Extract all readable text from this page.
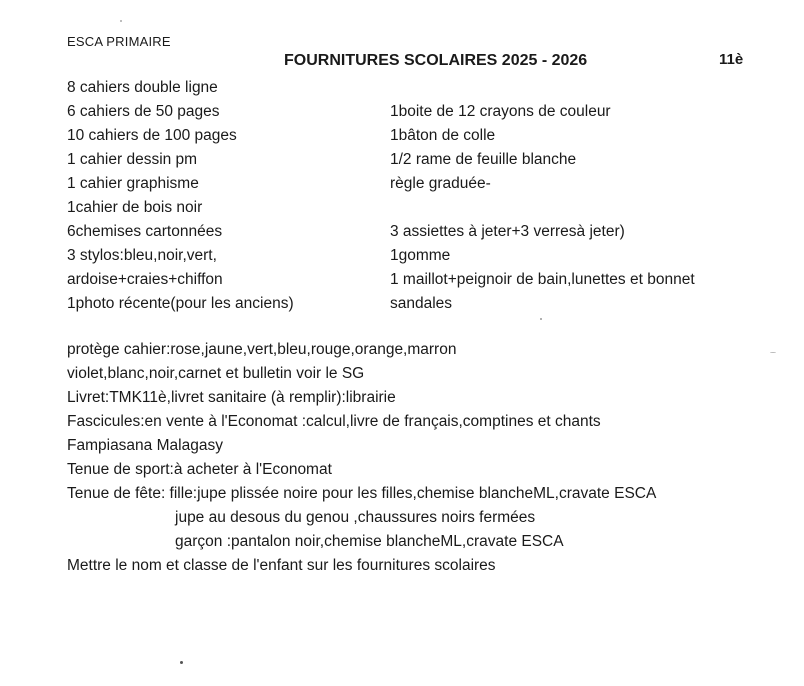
ESCA PRIMAIRE
FOURNITURES SCOLAIRES 2025 - 2026	11è
8 cahiers double ligne
6 cahiers de 50 pages
10 cahiers de 100 pages
1 cahier dessin pm
1 cahier graphisme
1cahier de bois noir
6chemises cartonnées
3 stylos:bleu,noir,vert,
ardoise+craies+chiffon
1photo récente(pour les anciens)

1boite de 12 crayons de couleur
1bâton de colle
1/2 rame de feuille blanche
règle graduée-

3 assiettes à jeter+3 verresà jeter)
1gomme
1 maillot+peignoir de bain,lunettes et bonnet
sandales
protège cahier:rose,jaune,vert,bleu,rouge,orange,marron
violet,blanc,noir,carnet et bulletin voir le SG
Livret:TMK11è,livret sanitaire (à remplir):librairie
Fascicules:en vente à l'Economat :calcul,livre de français,comptines et chants
Fampiasana Malagasy
Tenue de sport:à acheter à l'Economat
Tenue de fête: fille:jupe plissée noire pour les filles,chemise blancheML,cravate ESCA
jupe au desous du genou ,chaussures noirs fermées
garçon :pantalon noir,chemise blancheML,cravate ESCA
Mettre le nom et classe de l'enfant sur les fournitures scolaires
